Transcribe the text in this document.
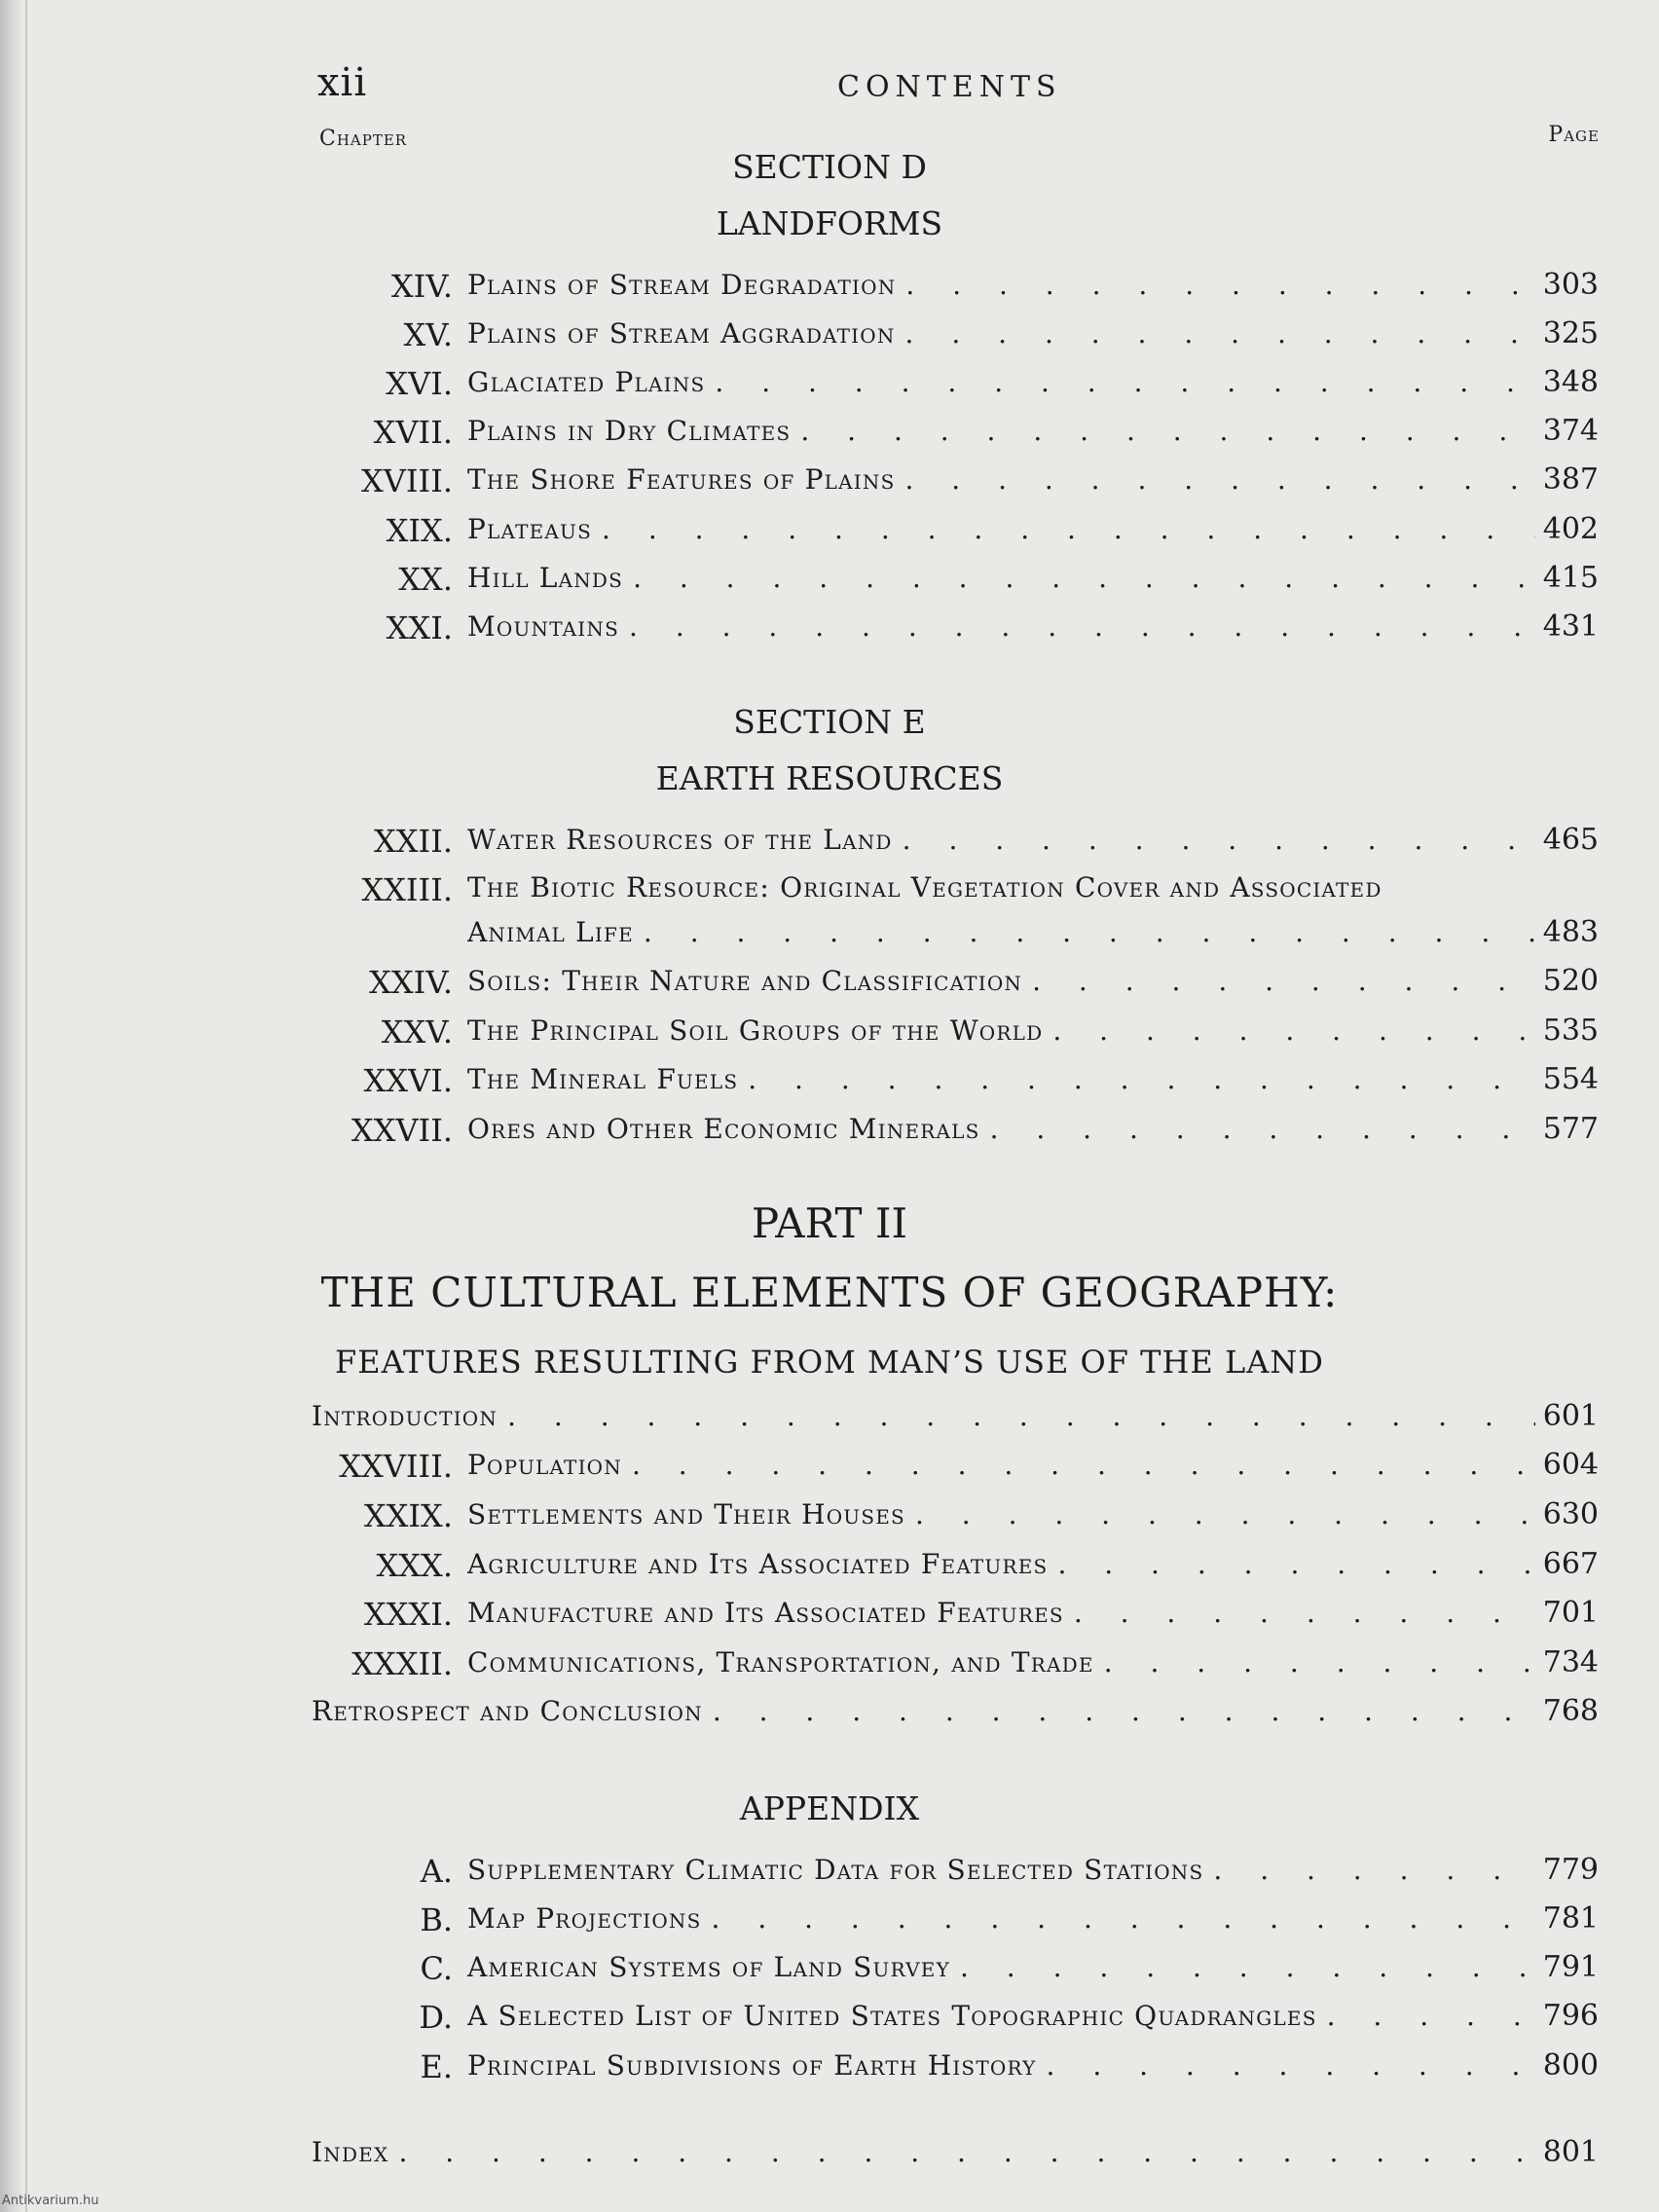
xii	CONTENTS
Chapter	Page
SECTION D
LANDFORMS
XIV. Plains of Stream Degradation . . .	303
XV. Plains of Stream Aggradation . . .	325
XVI. Glaciated Plains . . .	348
XVII. Plains in Dry Climates . . .	374
XVIII. The Shore Features of Plains . . .	387
XIX. Plateaus . . .	402
XX. Hill Lands . . .	415
XXI. Mountains . . .	431
SECTION E
EARTH RESOURCES
XXII. Water Resources of the Land . . .	465
XXIII. The Biotic Resource: Original Vegetation Cover and Associated
Animal Life . . .	483
XXIV. Soils: Their Nature and Classification . . .	520
XXV. The Principal Soil Groups of the World . . .	535
XXVI. The Mineral Fuels . . .	554
XXVII. Ores and Other Economic Minerals . . .	577
PART II
THE CULTURAL ELEMENTS OF GEOGRAPHY:
FEATURES RESULTING FROM MAN’S USE OF THE LAND
Introduction . . .	601
XXVIII. Population . . .	604
XXIX. Settlements and Their Houses . . .	630
XXX. Agriculture and Its Associated Features . . .	667
XXXI. Manufacture and Its Associated Features . . .	701
XXXII. Communications, Transportation, and Trade . . .	734
Retrospect and Conclusion . . .	768
APPENDIX
A. Supplementary Climatic Data for Selected Stations . . .	779
B. Map Projections . . .	781
C. American Systems of Land Survey . . .	791
D. A Selected List of United States Topographic Quadrangles . . .	796
E. Principal Subdivisions of Earth History . . .	800
Index . . .	801
Antikvarium.hu
